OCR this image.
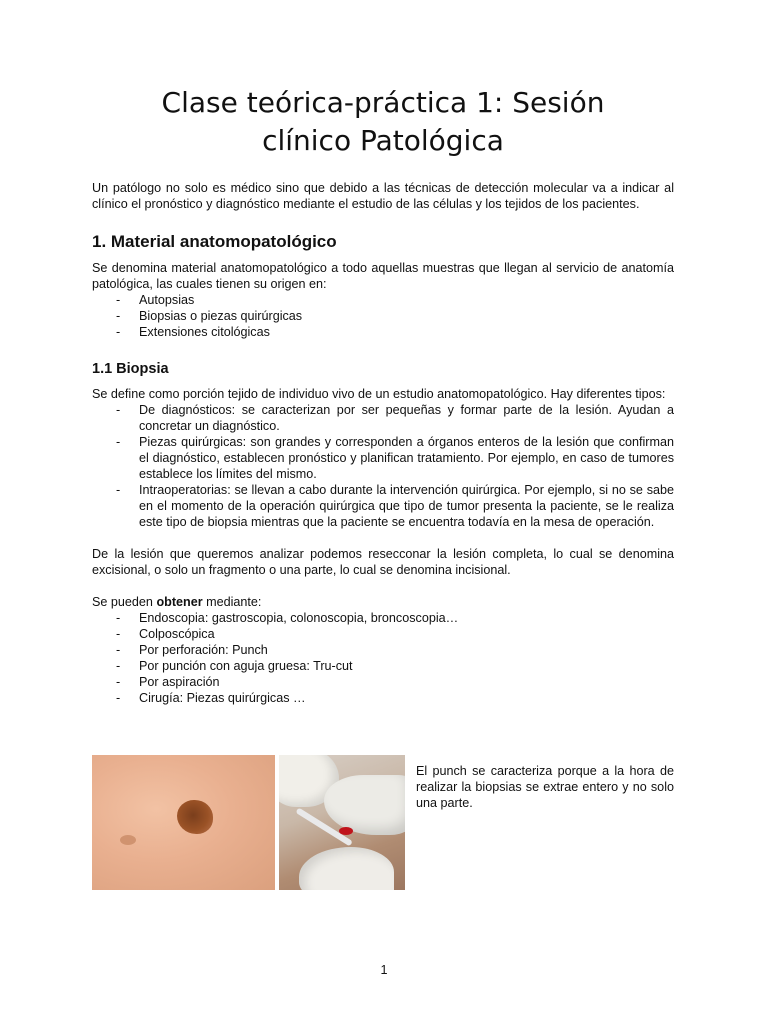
Clase teórica-práctica 1: Sesión
clínico Patológica

Un patólogo no solo es médico sino que debido a las técnicas de detección molecular va a indicar al clínico el pronóstico y diagnóstico mediante el estudio de las células y los tejidos de los pacientes.

1. Material anatomopatológico

Se denomina material anatomopatológico a todo aquellas muestras que llegan al servicio de anatomía patológica, las cuales tienen su origen en:

- Autopsias
- Biopsias o piezas quirúrgicas
- Extensiones citológicas
1.1 Biopsia

Se define como porción tejido de individuo vivo de un estudio anatomopatológico. Hay diferentes tipos:

- De diagnósticos: se caracterizan por ser pequeñas y formar parte de la lesión. Ayudan a concretar un diagnóstico.
- Piezas quirúrgicas: son grandes y corresponden a órganos enteros de la lesión que confirman el diagnóstico, establecen pronóstico y planifican tratamiento. Por ejemplo, en caso de tumores establece los límites del mismo.
- Intraoperatorias: se llevan a cabo durante la intervención quirúrgica. Por ejemplo, si no se sabe en el momento de la operación quirúrgica que tipo de tumor presenta la paciente, se le realiza este tipo de biopsia mientras que la paciente se encuentra todavía en la mesa de operación.

De la lesión que queremos analizar podemos resecconar la lesión completa, lo cual se denomina excisional, o solo un fragmento o una parte, lo cual se denomina incisional.

Se pueden obtener mediante:

- Endoscopia: gastroscopia, colonoscopia, broncoscopia…
- Colposcópica
- Por perforación: Punch
- Por punción con aguja gruesa: Tru-cut
- Por aspiración
- Cirugía: Piezas quirúrgicas …

El punch se caracteriza porque a la hora de realizar la biopsias se extrae entero y no solo una parte.

1
